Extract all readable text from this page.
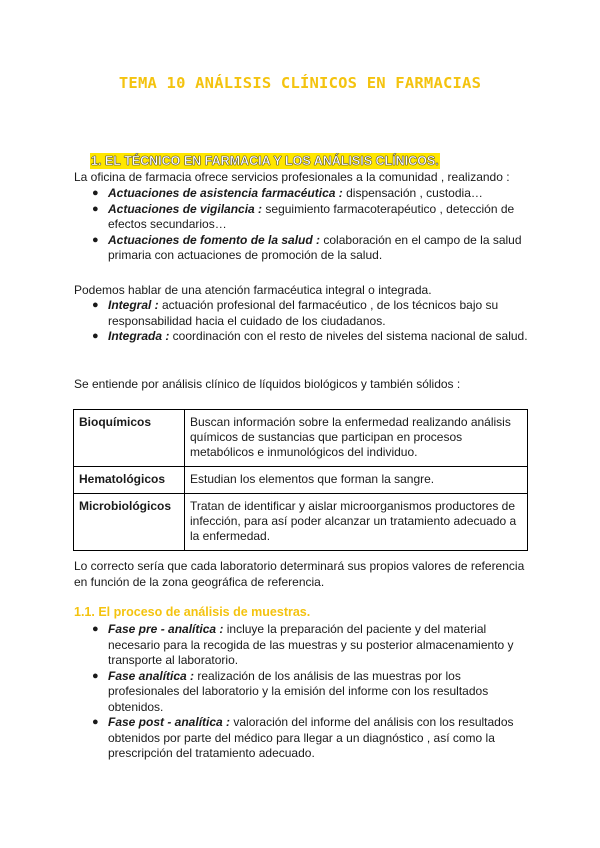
TEMA 10 ANÁLISIS CLÍNICOS EN FARMACIAS
1. EL TÉCNICO EN FARMACIA Y LOS ANÁLISIS CLÍNICOS.

La oficina de farmacia ofrece servicios profesionales a la comunidad , realizando :

● Actuaciones de asistencia farmacéutica : dispensación , custodia…
● Actuaciones de vigilancia : seguimiento farmacoterapéutico , detección de efectos secundarios…
● Actuaciones de fomento de la salud : colaboración en el campo de la salud primaria con actuaciones de promoción de la salud.

Podemos hablar de una atención farmacéutica integral o integrada.

● Integral : actuación profesional del farmacéutico , de los técnicos bajo su responsabilidad hacia el cuidado de los ciudadanos.
● Integrada : coordinación con el resto de niveles del sistema nacional de salud.

Se entiende por análisis clínico de líquidos biológicos y también sólidos :

Bioquímicos	Buscan información sobre la enfermedad realizando análisis químicos de sustancias que participan en procesos metabólicos e inmunológicos del individuo.
Hematológicos	Estudian los elementos que forman la sangre.
Microbiológicos	Tratan de identificar y aislar microorganismos productores de infección, para así poder alcanzar un tratamiento adecuado a la enfermedad.

Lo correcto sería que cada laboratorio determinará sus propios valores de referencia en función de la zona geográfica de referencia.

1.1. El proceso de análisis de muestras.
● Fase pre - analítica : incluye la preparación del paciente y del material necesario para la recogida de las muestras y su posterior almacenamiento y transporte al laboratorio.
● Fase analítica : realización de los análisis de las muestras por los profesionales del laboratorio y la emisión del informe con los resultados obtenidos.
● Fase post - analítica : valoración del informe del análisis con los resultados obtenidos por parte del médico para llegar a un diagnóstico , así como la prescripción del tratamiento adecuado.
